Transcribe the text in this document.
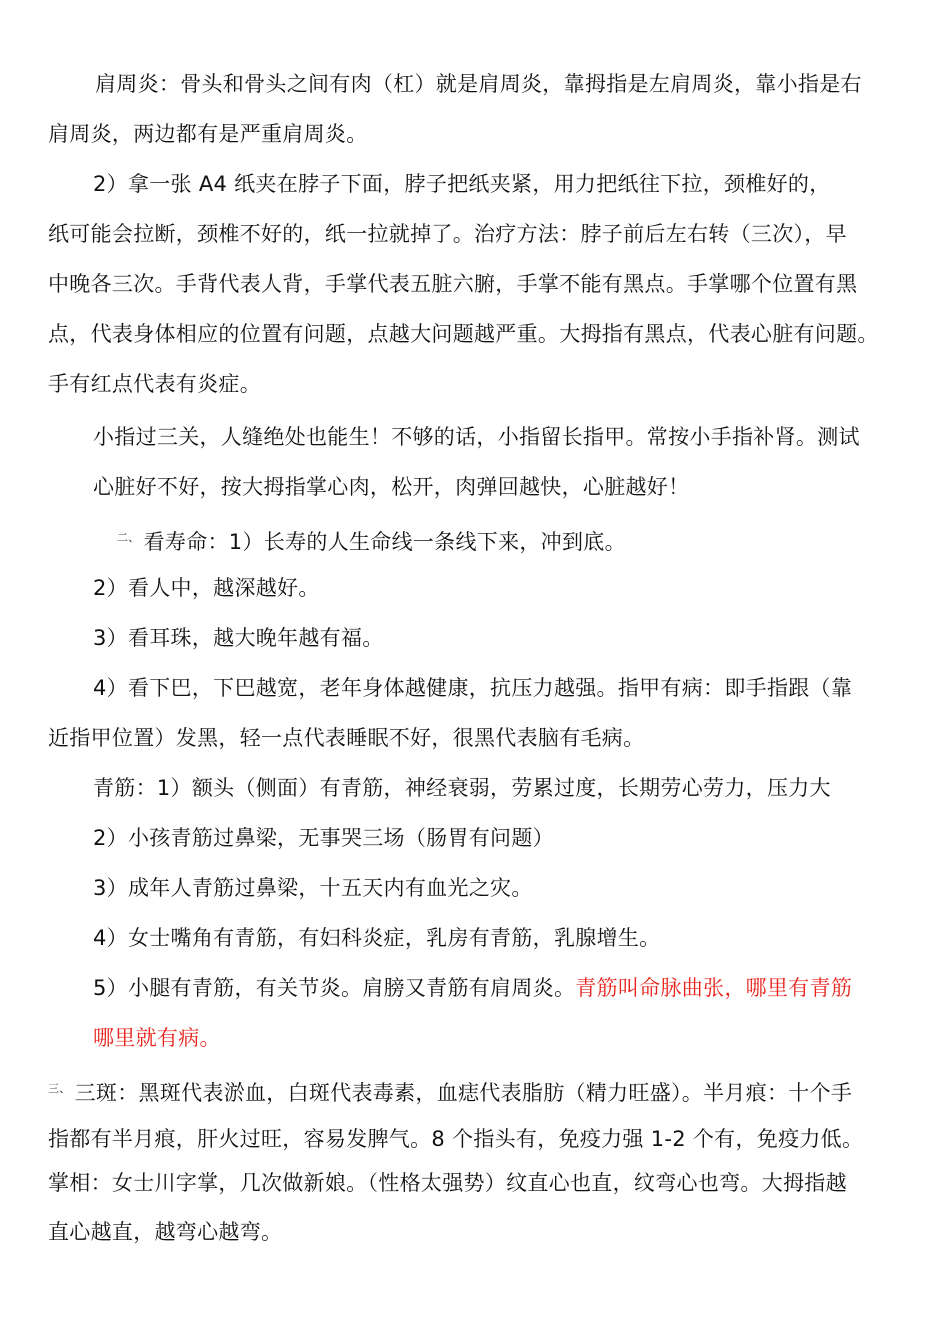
肩周炎：骨头和骨头之间有肉（杠）就是肩周炎，靠拇指是左肩周炎，靠小指是右
肩周炎，两边都有是严重肩周炎。
2）拿一张 A4 纸夹在脖子下面，脖子把纸夹紧，用力把纸往下拉，颈椎好的，
纸可能会拉断，颈椎不好的，纸一拉就掉了。治疗方法：脖子前后左右转（三次），早
中晚各三次。手背代表人背，手掌代表五脏六腑，手掌不能有黑点。手掌哪个位置有黑
点，代表身体相应的位置有问题，点越大问题越严重。大拇指有黑点，代表心脏有问题。
手有红点代表有炎症。
小指过三关，人缝绝处也能生！不够的话，小指留长指甲。常按小手指补肾。测试
心脏好不好，按大拇指掌心肉，松开，肉弹回越快，心脏越好！
$^{二、}$ 看寿命：1）长寿的人生命线一条线下来，冲到底。
2）看人中，越深越好。
3）看耳珠，越大晚年越有福。
4）看下巴，下巴越宽，老年身体越健康，抗压力越强。指甲有病：即手指跟（靠
近指甲位置）发黑，轻一点代表睡眠不好，很黑代表脑有毛病。
青筋：1）额头（侧面）有青筋，神经衰弱，劳累过度，长期劳心劳力，压力大
2）小孩青筋过鼻梁，无事哭三场（肠胃有问题）
3）成年人青筋过鼻梁，十五天内有血光之灾。
4）女士嘴角有青筋，有妇科炎症，乳房有青筋，乳腺增生。
5）小腿有青筋，有关节炎。肩膀又青筋有肩周炎。青筋叫命脉曲张，哪里有青筋
哪里就有病。
$^{三、}$ 三斑：黑斑代表淤血，白斑代表毒素，血痣代表脂肪（精力旺盛）。半月痕：十个手
指都有半月痕，肝火过旺，容易发脾气。8 个指头有，免疫力强 1-2 个有，免疫力低。
掌相：女士川字掌，几次做新娘。（性格太强势）纹直心也直，纹弯心也弯。大拇指越
直心越直，越弯心越弯。
